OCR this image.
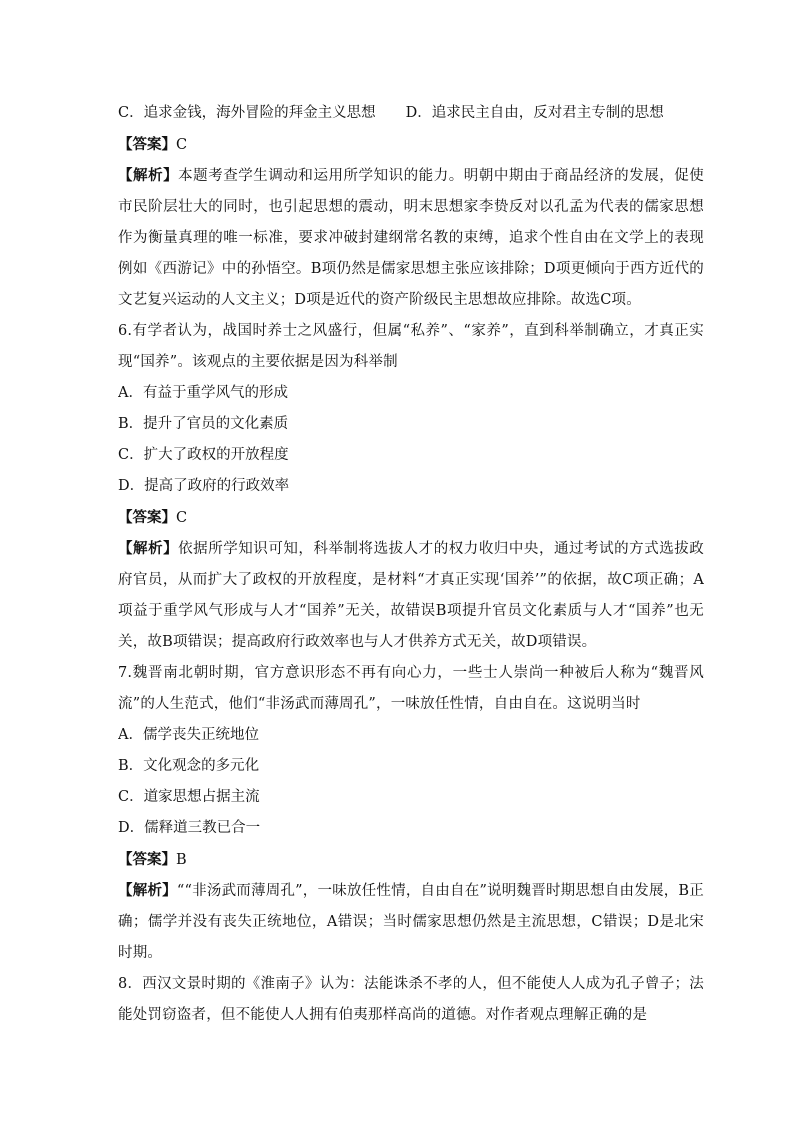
C．追求金钱，海外冒险的拜金主义思想 D．追求民主自由，反对君主专制的思想
【答案】C
【解析】本题考查学生调动和运用所学知识的能力。明朝中期由于商品经济的发展，促使市民阶层壮大的同时，也引起思想的震动，明末思想家李贽反对以孔孟为代表的儒家思想作为衡量真理的唯一标准，要求冲破封建纲常名教的束缚，追求个性自由在文学上的表现例如《西游记》中的孙悟空。B项仍然是儒家思想主张应该排除；D项更倾向于西方近代的文艺复兴运动的人文主义；D项是近代的资产阶级民主思想故应排除。故选C项。
6.有学者认为，战国时养士之风盛行，但属“私养”、“家养”，直到科举制确立，才真正实现“国养”。该观点的主要依据是因为科举制
A．有益于重学风气的形成
B．提升了官员的文化素质
C．扩大了政权的开放程度
D．提高了政府的行政效率
【答案】C
【解析】依据所学知识可知，科举制将选拔人才的权力收归中央，通过考试的方式选拔政府官员，从而扩大了政权的开放程度，是材料“才真正实现‘国养’”的依据，故C项正确；A项益于重学风气形成与人才“国养”无关，故错误B项提升官员文化素质与人才“国养”也无关，故B项错误；提高政府行政效率也与人才供养方式无关，故D项错误。
7.魏晋南北朝时期，官方意识形态不再有向心力，一些士人崇尚一种被后人称为“魏晋风流”的人生范式，他们“非汤武而薄周孔”，一味放任性情，自由自在。这说明当时
A．儒学丧失正统地位
B．文化观念的多元化
C．道家思想占据主流
D．儒释道三教已合一
【答案】B
【解析】““非汤武而薄周孔”，一味放任性情，自由自在”说明魏晋时期思想自由发展，B正确；儒学并没有丧失正统地位，A错误；当时儒家思想仍然是主流思想，C错误；D是北宋时期。
8．西汉文景时期的《淮南子》认为：法能诛杀不孝的人，但不能使人人成为孔子曾子；法能处罚窃盗者，但不能使人人拥有伯夷那样高尚的道德。对作者观点理解正确的是
